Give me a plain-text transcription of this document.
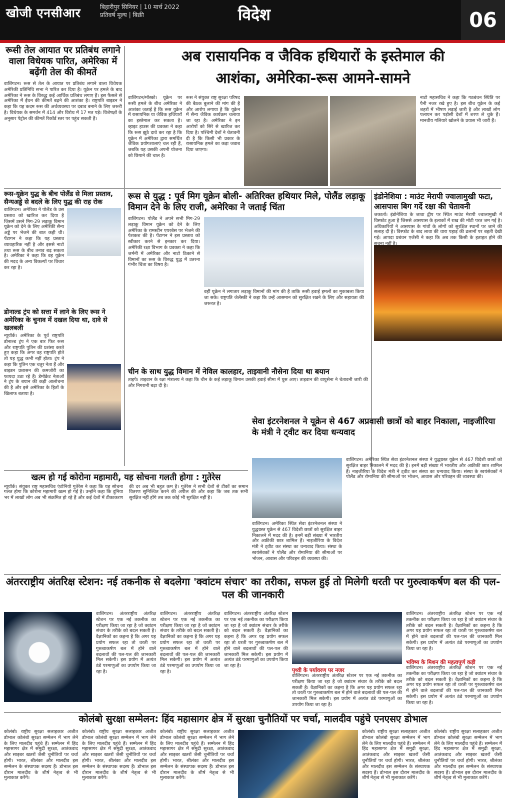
खोजी एनसीआर	बिहारीपुर सिनियर | 10 मार्च 2022
प्रतिवर्ष मूल्य | बिक्री	विदेश	06
रूसी तेल आयात पर प्रतिबंध लगाने वाला विधेयक पारित, अमेरिका में बढ़ेंगी तेल की कीमतें
वाशिंगटन। रूस से तेल के आयात पर प्रतिबंध लगाने वाला विधेयक अमेरिकी प्रतिनिधि सभा ने पारित कर दिया है। यूक्रेन पर हमले के बाद अमेरिका ने रूस के विरुद्ध कई आर्थिक प्रतिबंध लगाए हैं। इस फैसले से अमेरिका में ईंधन की कीमतें बढ़ने की आशंका है। राष्ट्रपति बाइडन ने कहा कि यह कदम रूस की अर्थव्यवस्था पर दबाव बनाने के लिए जरूरी है। विधेयक के समर्थन में 414 और विरोध में 17 मत पड़े। विशेषज्ञों के अनुसार पेट्रोल की कीमतें रिकॉर्ड स्तर पर पहुंच सकती हैं।
अब रासायनिक व जैविक हथियारों के इस्तेमाल की
आशंका, अमेरिका-रूस आमने-सामने
वाशिंगटन/मॉस्को। यूक्रेन पर रूसी हमले के बीच अमेरिका ने आशंका जताई है कि रूस युक्रेन में रासायनिक या जैविक हथियारों का इस्तेमाल कर सकता है। व्हाइट हाउस की प्रवक्ता ने कहा कि रूस झूठे दावे कर रहा है कि यूक्रेन में अमेरिका द्वारा समर्थित जैविक प्रयोगशालाएं चल रही हैं, जबकि यह उसकी अपनी योजना को छिपाने की चाल है।
रूस ने संयुक्त राष्ट्र सुरक्षा परिषद की बैठक बुलाने की मांग की है और आरोप लगाया है कि यूक्रेन में सैन्य जैविक कार्यक्रम चलाया जा रहा है। अमेरिका ने इन आरोपों को सिरे से खारिज कर दिया है। पश्चिमी देशों ने चेतावनी दी है कि किसी भी प्रकार के रासायनिक हमले का कड़ा जवाब दिया जाएगा।
नाटो महासचिव ने कहा कि गठबंधन स्थिति पर पैनी नजर रखे हुए है। इस बीच यूक्रेन के कई शहरों में भीषण लड़ाई जारी है और लाखों लोग पलायन कर पड़ोसी देशों में शरण ले चुके हैं। मानवीय गलियारे खोलने के प्रयास भी जारी हैं।
रूस-यूक्रेन युद्ध के बीच पोलैंड से मिला प्रस्ताव, सैन्यअड्डे से बदले के लिए युद्ध की राह रोक
वाशिंगटन। अमेरिका ने पोलैंड के उस प्रस्ताव को खारिज कर दिया है जिसमें उसने मिग-29 लड़ाकू विमान यूक्रेन को देने के लिए अमेरिकी सैन्य अड्डे पर भेजने की बात कही थी। पेंटागन ने कहा कि यह प्रस्ताव व्यावहारिक नहीं है और इससे नाटो तथा रूस के बीच तनाव बढ़ सकता है। अमेरिका ने कहा कि वह यूक्रेन की मदद के अन्य विकल्पों पर विचार कर रहा है।
डोनाल्ड ट्रंप को सत्ता में लाने के लिए रूस ने अमेरिका के चुनाव में दखल दिया था, दावे से खलबली
न्यूयॉर्क। अमेरिका के पूर्व राष्ट्रपति डोनाल्ड ट्रंप ने एक बार फिर रूस और राष्ट्रपति पुतिन की प्रशंसा करते हुए कहा कि अगर वह राष्ट्रपति होते तो यह युद्ध कभी नहीं होता। ट्रंप ने कहा कि पुतिन एक चतुर नेता हैं और बाइडन प्रशासन की कमजोरी का फायदा उठा रहे हैं। डेमोक्रेट नेताओं ने ट्रंप के बयान की कड़ी आलोचना की है और इसे अमेरिका के हितों के खिलाफ बताया है।
रूस से युद्ध : पूर्व मिग यूक्रेन बोली- अतिरिक्त हथियार मिले, पोलैंड लड़ाकू विमान देने के लिए राजी, अमेरिका ने जताई चिंता
वाशिंगटन। पोलैंड ने अपने सभी मिग-29 लड़ाकू विमान यूक्रेन को देने के लिए अमेरिका के रामस्टीन एयरबेस पर भेजने की पेशकश की है। पेंटागन ने इस प्रस्ताव को स्वीकार करने से इनकार कर दिया। अमेरिकी रक्षा विभाग के प्रवक्ता ने कहा कि जर्मनी में अमेरिका और नाटो ठिकाने से विमानों का रूस के विरुद्ध युद्ध में उतरना गंभीर चिंता का विषय है।
वहीं यूक्रेन ने लगातार लड़ाकू विमानों की मांग की है ताकि रूसी हवाई हमलों का मुकाबला किया जा सके। राष्ट्रपति जेलेंस्की ने कहा कि उन्हें आसमान को सुरक्षित रखने के लिए और सहायता की जरूरत है।
चीन के साथ युद्ध विमान में नेविल कालहार, ताइवानी नौसेना दिया था बयान
ताइपे। ताइवान के रक्षा मंत्रालय ने कहा कि चीन के कई लड़ाकू विमान उसकी हवाई सीमा में घुस आए। ताइवान की वायुसेना ने चेतावनी जारी की और निगरानी बढ़ा दी है।
इंडोनेशिया : माउंट मेरापी ज्वालामुखी फटा, आसपास बिग गर्दे रक्षा की चेतावनी
जकार्ता। इंडोनेशिया के जावा द्वीप पर स्थित माउंट मेरापी ज्वालामुखी में विस्फोट हुआ है जिससे आसपास के इलाकों में राख की मोटी परत जम गई है। अधिकारियों ने आसपास के गांवों के लोगों को सुरक्षित स्थानों पर जाने की सलाह दी है। विस्फोट के बाद लावा की धारा पहाड़ की ढलानों पर बहती देखी गई। आपदा प्रबंधन एजेंसी ने कहा कि अब तक किसी के हताहत होने की
सेवा इंटरनेशनल ने यूक्रेन से 467 अप्रवासी छात्रों को बाहर निकाला, नाइजीरिया के मंत्री ने ट्वीट कर दिया धन्यवाद
वाशिंगटन। अमेरिका स्थित सेवा इंटरनेशनल संस्था ने युद्धग्रस्त यूक्रेन से 467 विदेशी छात्रों को सुरक्षित बाहर निकालने में मदद की है। इनमें बड़ी संख्या में भारतीय और अफ्रीकी छात्र शामिल हैं। नाइजीरिया के विदेश मंत्री ने ट्वीट कर संस्था का धन्यवाद किया। संस्था के स्वयंसेवकों ने पोलैंड और रोमानिया की सीमाओं पर भोजन, आवास और परिवहन की व्यवस्था की।
वाशिंगटन। अमेरिका स्थित सेवा इंटरनेशनल संस्था ने युद्धग्रस्त यूक्रेन से 467 विदेशी छात्रों को सुरक्षित बाहर निकालने में मदद की है। इनमें बड़ी संख्या में भारतीय और अफ्रीकी छात्र शामिल हैं। नाइजीरिया के विदेश मंत्री ने ट्वीट कर संस्था का धन्यवाद किया। संस्था के स्वयंसेवकों ने पोलैंड और रोमानिया की सीमाओं पर भोजन, आवास और परिवहन की व्यवस्था की।
खत्म हो गई कोरोना महामारी, यह सोचना गलती होगा : गुतेरेस
न्यूयॉर्क। संयुक्त राष्ट्र महासचिव एंटोनियो गुतेरेस ने कहा कि यह सोचना गलत होगा कि कोरोना महामारी खत्म हो गई है। उन्होंने कहा कि दुनिया भर में लाखों लोग अब भी संक्रमित हो रहे हैं और कई देशों में टीकाकरण की दर अब भी बहुत कम है। गुतेरेस ने सभी देशों से टीकों का समान वितरण सुनिश्चित करने की अपील की और कहा कि जब तक सभी सुरक्षित नहीं होंगे तब तक कोई भी सुरक्षित नहीं है।
अंतरराष्ट्रीय अंतरिक्ष स्टेशन: नई तकनीक से बदलेगा 'क्वांटम संचार' का तरीका, सफल हुई तो मिलेगी धरती पर गुरुत्वाकर्षण बल की पल-पल की जानकारी
वाशिंगटन। अंतरराष्ट्रीय अंतरिक्ष स्टेशन पर एक नई तकनीक का परीक्षण किया जा रहा है जो क्वांटम संचार के तरीके को बदल सकती है। वैज्ञानिकों का कहना है कि अगर यह प्रयोग सफल रहा तो धरती पर गुरुत्वाकर्षण बल में होने वाले बदलावों की पल-पल की जानकारी मिल सकेगी। इस प्रयोग में अत्यंत ठंडे परमाणुओं का उपयोग किया जा रहा है।
वाशिंगटन। अंतरराष्ट्रीय अंतरिक्ष स्टेशन पर एक नई तकनीक का परीक्षण किया जा रहा है जो क्वांटम संचार के तरीके को बदल सकती है। वैज्ञानिकों का कहना है कि अगर यह प्रयोग सफल रहा तो धरती पर गुरुत्वाकर्षण बल में होने वाले बदलावों की पल-पल की जानकारी मिल सकेगी। इस प्रयोग में अत्यंत ठंडे परमाणुओं का उपयोग किया जा रहा है।
वाशिंगटन। अंतरराष्ट्रीय अंतरिक्ष स्टेशन पर एक नई तकनीक का परीक्षण किया जा रहा है जो क्वांटम संचार के तरीके को बदल सकती है। वैज्ञानिकों का कहना है कि अगर यह प्रयोग सफल रहा तो धरती पर गुरुत्वाकर्षण बल में होने वाले बदलावों की पल-पल की जानकारी मिल सकेगी। इस प्रयोग में अत्यंत ठंडे परमाणुओं का उपयोग किया जा रहा है।
पृथ्वी के पर्यावरण पर नजर
वाशिंगटन। अंतरराष्ट्रीय अंतरिक्ष स्टेशन पर एक नई तकनीक का परीक्षण किया जा रहा है जो क्वांटम संचार के तरीके को बदल सकती है। वैज्ञानिकों का कहना है कि अगर यह प्रयोग सफल रहा तो धरती पर गुरुत्वाकर्षण बल में होने वाले बदलावों की पल-पल की जानकारी मिल सकेगी। इस प्रयोग में अत्यंत ठंडे परमाणुओं का उपयोग किया जा रहा है।
वाशिंगटन। अंतरराष्ट्रीय अंतरिक्ष स्टेशन पर एक नई तकनीक का परीक्षण किया जा रहा है जो क्वांटम संचार के तरीके को बदल सकती है। वैज्ञानिकों का कहना है कि अगर यह प्रयोग सफल रहा तो धरती पर गुरुत्वाकर्षण बल में होने वाले बदलावों की पल-पल की जानकारी मिल सकेगी। इस प्रयोग में अत्यंत ठंडे परमाणुओं का उपयोग किया जा रहा है।
भविष्य के मिशन की महत्वपूर्ण कड़ी
वाशिंगटन। अंतरराष्ट्रीय अंतरिक्ष स्टेशन पर एक नई तकनीक का परीक्षण किया जा रहा है जो क्वांटम संचार के तरीके को बदल सकती है। वैज्ञानिकों का कहना है कि अगर यह प्रयोग सफल रहा तो धरती पर गुरुत्वाकर्षण बल में होने वाले बदलावों की पल-पल की जानकारी मिल सकेगी। इस प्रयोग में अत्यंत ठंडे परमाणुओं का उपयोग किया जा रहा है।
कोलंबो सुरक्षा सम्मेलन: हिंद महासागर क्षेत्र में सुरक्षा चुनौतियों पर चर्चा, मालदीव पहुंचे एनएसए डोभाल
कोलंबो। राष्ट्रीय सुरक्षा सलाहकार अजीत डोभाल कोलंबो सुरक्षा सम्मेलन में भाग लेने के लिए मालदीव पहुंचे हैं। सम्मेलन में हिंद महासागर क्षेत्र में समुद्री सुरक्षा, आतंकवाद और साइबर खतरों जैसी चुनौतियों पर चर्चा होगी। भारत, श्रीलंका और मालदीव इस सम्मेलन के संस्थापक सदस्य हैं। डोभाल इस दौरान मालदीव के शीर्ष नेतृत्व से भी मुलाकात करेंगे।
कोलंबो। राष्ट्रीय सुरक्षा सलाहकार अजीत डोभाल कोलंबो सुरक्षा सम्मेलन में भाग लेने के लिए मालदीव पहुंचे हैं। सम्मेलन में हिंद महासागर क्षेत्र में समुद्री सुरक्षा, आतंकवाद और साइबर खतरों जैसी चुनौतियों पर चर्चा होगी। भारत, श्रीलंका और मालदीव इस सम्मेलन के संस्थापक सदस्य हैं। डोभाल इस दौरान मालदीव के शीर्ष नेतृत्व से भी मुलाकात करेंगे।
कोलंबो। राष्ट्रीय सुरक्षा सलाहकार अजीत डोभाल कोलंबो सुरक्षा सम्मेलन में भाग लेने के लिए मालदीव पहुंचे हैं। सम्मेलन में हिंद महासागर क्षेत्र में समुद्री सुरक्षा, आतंकवाद और साइबर खतरों जैसी चुनौतियों पर चर्चा होगी। भारत, श्रीलंका और मालदीव इस सम्मेलन के संस्थापक सदस्य हैं। डोभाल इस दौरान मालदीव के शीर्ष नेतृत्व से भी मुलाकात करेंगे।
कोलंबो। राष्ट्रीय सुरक्षा सलाहकार अजीत डोभाल कोलंबो सुरक्षा सम्मेलन में भाग लेने के लिए मालदीव पहुंचे हैं। सम्मेलन में हिंद महासागर क्षेत्र में समुद्री सुरक्षा, आतंकवाद और साइबर खतरों जैसी चुनौतियों पर चर्चा होगी। भारत, श्रीलंका और मालदीव इस सम्मेलन के संस्थापक सदस्य हैं। डोभाल इस दौरान मालदीव के शीर्ष नेतृत्व से भी मुलाकात करेंगे।
कोलंबो। राष्ट्रीय सुरक्षा सलाहकार अजीत डोभाल कोलंबो सुरक्षा सम्मेलन में भाग लेने के लिए मालदीव पहुंचे हैं। सम्मेलन में हिंद महासागर क्षेत्र में समुद्री सुरक्षा, आतंकवाद और साइबर खतरों जैसी चुनौतियों पर चर्चा होगी। भारत, श्रीलंका और मालदीव इस सम्मेलन के संस्थापक सदस्य हैं। डोभाल इस दौरान मालदीव के शीर्ष नेतृत्व से भी मुलाकात करेंगे।
